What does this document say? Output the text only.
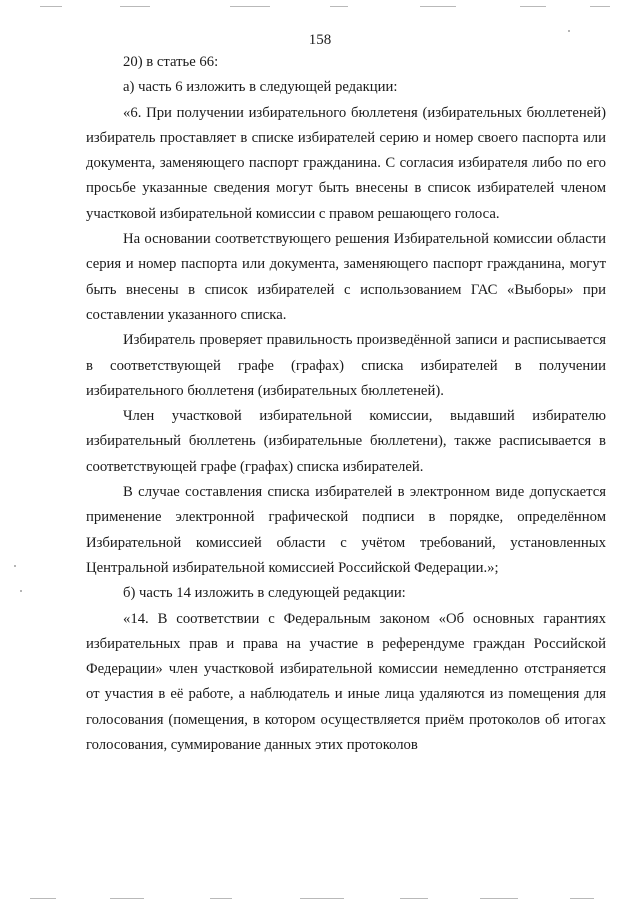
158

20) в статье 66:

а) часть 6 изложить в следующей редакции:

«6. При получении избирательного бюллетеня (избирательных бюллетеней) избиратель проставляет в списке избирателей серию и номер своего паспорта или документа, заменяющего паспорт гражданина. С согласия избирателя либо по его просьбе указанные сведения могут быть внесены в список избирателей членом участковой избирательной комиссии с правом решающего голоса.

На основании соответствующего решения Избирательной комиссии области серия и номер паспорта или документа, заменяющего паспорт гражданина, могут быть внесены в список избирателей с использованием ГАС «Выборы» при составлении указанного списка.

Избиратель проверяет правильность произведённой записи и расписывается в соответствующей графе (графах) списка избирателей в получении избирательного бюллетеня (избирательных бюллетеней).

Член участковой избирательной комиссии, выдавший избирателю избирательный бюллетень (избирательные бюллетени), также расписывается в соответствующей графе (графах) списка избирателей.

В случае составления списка избирателей в электронном виде допускается применение электронной графической подписи в порядке, определённом Избирательной комиссией области с учётом требований, установленных Центральной избирательной комиссией Российской Федерации.»;

б) часть 14 изложить в следующей редакции:

«14. В соответствии с Федеральным законом «Об основных гарантиях избирательных прав и права на участие в референдуме граждан Российской Федерации» член участковой избирательной комиссии немедленно отстраняется от участия в её работе, а наблюдатель и иные лица удаляются из помещения для голосования (помещения, в котором осуществляется приём протоколов об итогах голосования, суммирование данных этих протоколов
